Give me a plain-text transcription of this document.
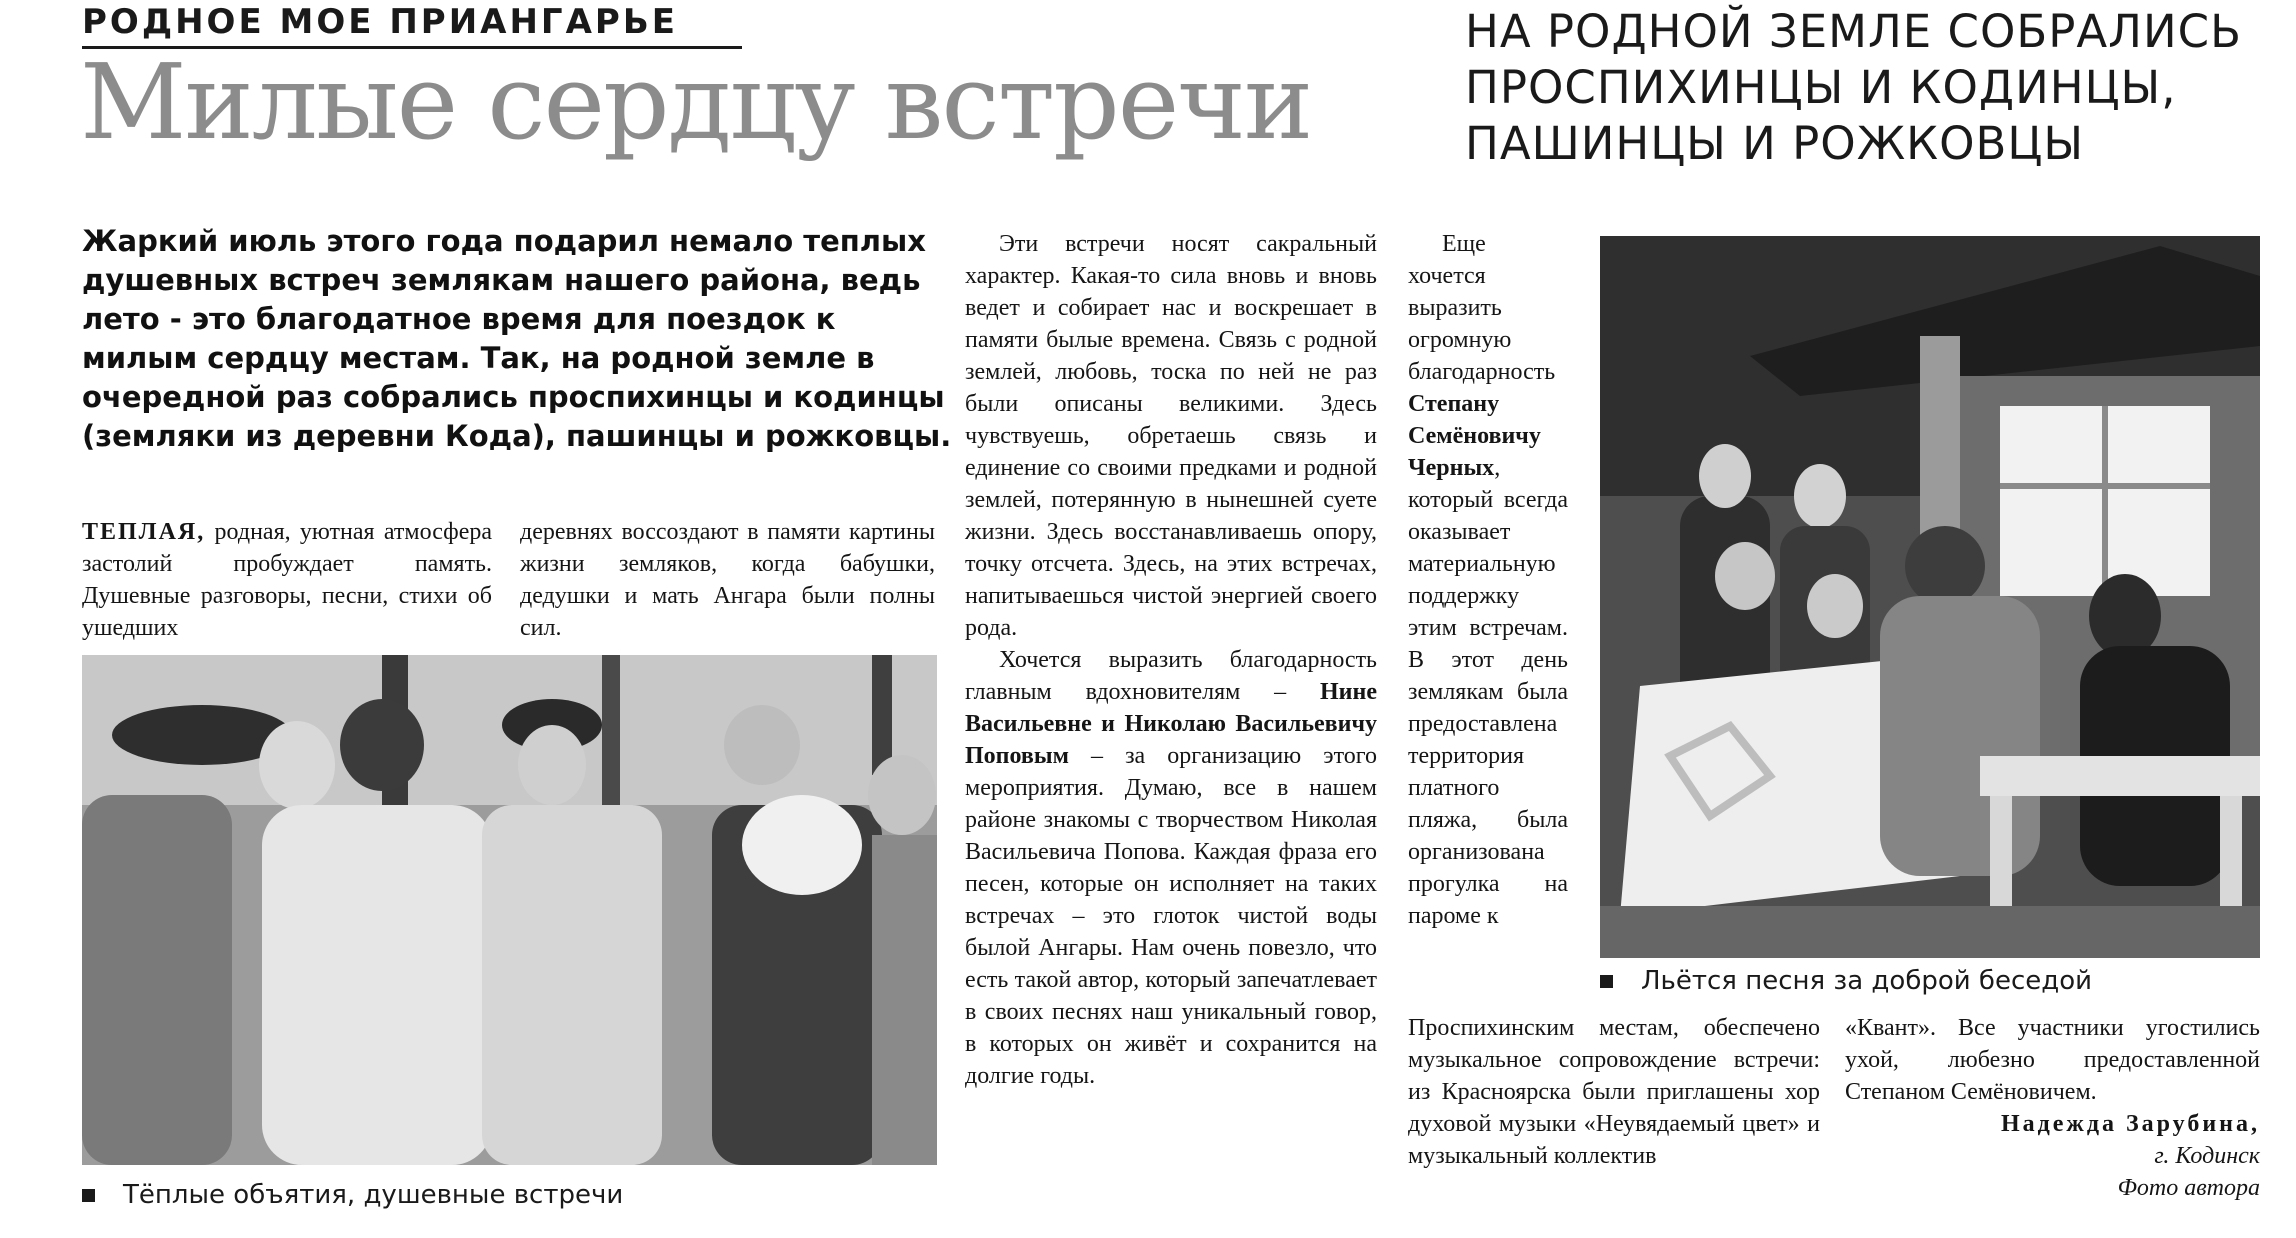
РОДНОЕ МОЕ ПРИАНГАРЬЕ
Милые сердцу встречи
НА РОДНОЙ ЗЕМЛЕ СОБРАЛИСЬ ПРОСПИХИНЦЫ И КОДИНЦЫ, ПАШИНЦЫ И РОЖКОВЦЫ
Жаркий июль этого года подарил немало теплых душевных встреч землякам нашего района, ведь лето - это благодатное время для поездок к милым сердцу местам. Так, на родной земле в очередной раз собрались проспихинцы и кодинцы (земляки из деревни Кода), пашинцы и рожковцы.

ТЕПЛАЯ, родная, уютная атмосфера застолий пробуждает память. Душевные разговоры, песни, стихи об ушедших

деревнях воссоздают в памяти картины жизни земляков, когда бабушки, дедушки и мать Ангара были полны сил.

Тёплые объятия, душевные встречи

Эти встречи носят сакральный характер. Какая-то сила вновь и вновь ведет и собирает нас и воскрешает в памяти былые времена. Связь с родной землей, любовь, тоска по ней не раз были описаны великими. Здесь чувствуешь, обретаешь связь и единение со своими предками и родной землей, потерянную в нынешней суете жизни. Здесь восстанавливаешь опору, точку отсчета. Здесь, на этих встречах, напитываешься чистой энергией своего рода.

Хочется выразить благодарность главным вдохновителям – Нине Васильевне и Николаю Васильевичу Поповым – за организацию этого мероприятия. Думаю, все в нашем районе знакомы с творчеством Николая Васильевича Попова. Каждая фраза его песен, которые он исполняет на таких встречах – это глоток чистой воды былой Ангары. Нам очень повезло, что есть такой автор, который запечатлевает в своих песнях наш уникальный говор, в которых он живёт и сохранится на долгие годы.

Еще хочется выразить огромную благодарность Степану Семёновичу Черных, который всегда оказывает материальную поддержку этим встречам. В этот день землякам была предоставлена территория платного пляжа, была организована прогулка на пароме к

Льётся песня за доброй беседой

Проспихинским местам, обеспечено музыкальное сопровождение встречи: из Красноярска были приглашены хор духовой музыки «Неувядаемый цвет» и музыкальный коллектив

«Квант». Все участники угостились ухой, любезно предоставленной Степаном Семёновичем.

Надежда Зарубина,

г. Кодинск

Фото автора
